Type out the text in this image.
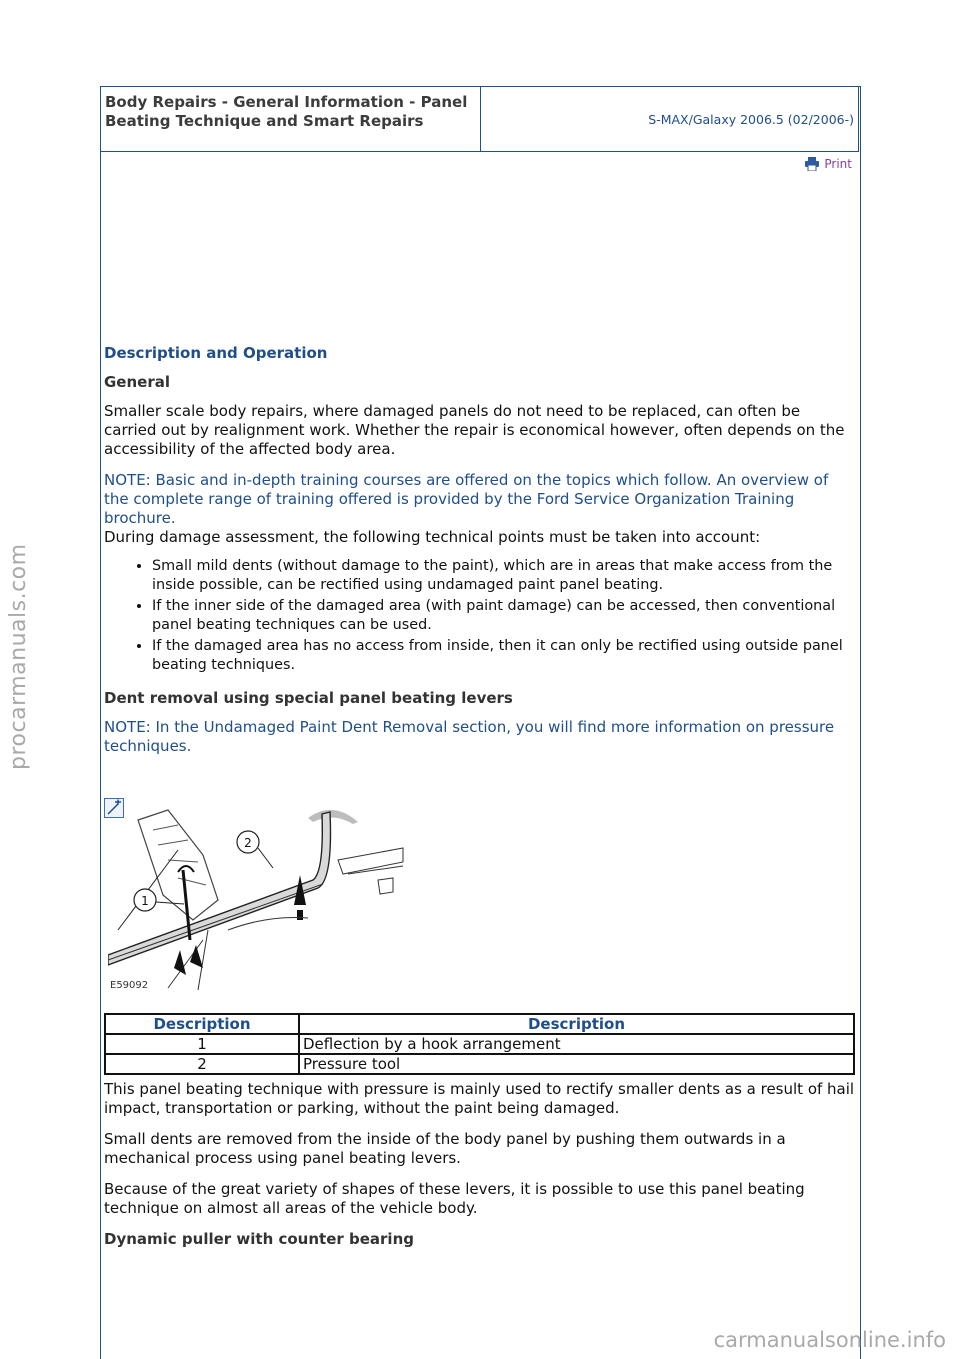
Body Repairs - General Information - Panel Beating Technique and Smart Repairs	S-MAX/Galaxy 2006.5 (02/2006-)
Print
Description and Operation
General

Smaller scale body repairs, where damaged panels do not need to be replaced, can often be carried out by realignment work. Whether the repair is economical however, often depends on the accessibility of the affected body area.

NOTE: Basic and in-depth training courses are offered on the topics which follow. An overview of the complete range of training offered is provided by the Ford Service Organization Training brochure.
During damage assessment, the following technical points must be taken into account:
• Small mild dents (without damage to the paint), which are in areas that make access from the inside possible, can be rectified using undamaged paint panel beating.
• If the inner side of the damaged area (with paint damage) can be accessed, then conventional panel beating techniques can be used.
• If the damaged area has no access from inside, then it can only be rectified using outside panel beating techniques.
Dent removal using special panel beating levers
NOTE: In the Undamaged Paint Dent Removal section, you will find more information on pressure techniques.
1
2
E59092
Description	Description
1	Deflection by a hook arrangement
2	Pressure tool

This panel beating technique with pressure is mainly used to rectify smaller dents as a result of hail impact, transportation or parking, without the paint being damaged.

Small dents are removed from the inside of the body panel by pushing them outwards in a mechanical process using panel beating levers.

Because of the great variety of shapes of these levers, it is possible to use this panel beating technique on almost all areas of the vehicle body.

Dynamic puller with counter bearing
procarmanuals.com
carmanualsonline.info
